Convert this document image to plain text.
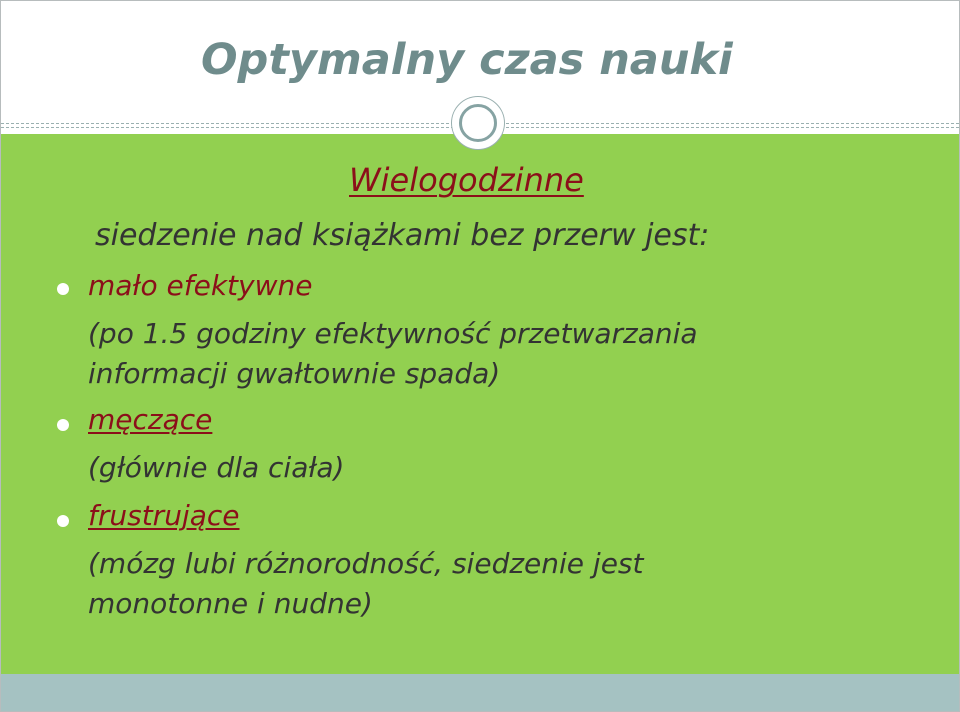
Optymalny czas nauki
Wielogodzinne
siedzenie nad książkami bez przerw jest:
mało efektywne
(po 1.5 godziny efektywność przetwarzania
informacji gwałtownie spada)
męczące
(głównie dla ciała)
frustrujące
(mózg lubi różnorodność, siedzenie jest
monotonne i nudne)
